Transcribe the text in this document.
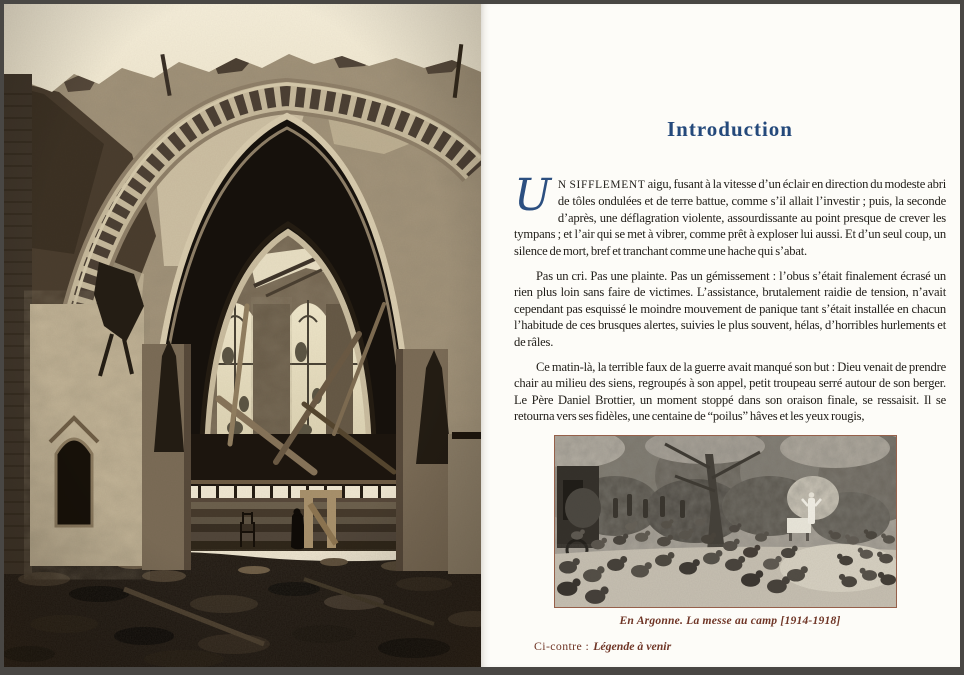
Introduction

U N SIFFLEMENT aigu, fusant à la vitesse d’un éclair en direction du modeste abri de tôles ondulées et de terre battue, comme s’il allait l’investir ; puis, la seconde d’après, une déflagration violente, assourdissante au point presque de crever les tympans ; et l’air qui se met à vibrer, comme prêt à exploser lui aussi. Et d’un seul coup, un silence de mort, bref et tranchant comme une hache qui s’abat.

Pas un cri. Pas une plainte. Pas un gémissement : l’obus s’était finalement écrasé un rien plus loin sans faire de victimes. L’assistance, brutalement raidie de tension, n’avait cependant pas esquissé le moindre mouvement de panique tant s’était installée en chacun l’habitude de ces brusques alertes, suivies le plus souvent, hélas, d’horribles hurlements et de râles.

Ce matin-là, la terrible faux de la guerre avait manqué son but : Dieu venait de prendre chair au milieu des siens, regroupés à son appel, petit troupeau serré autour de son berger. Le Père Daniel Brottier, un moment stoppé dans son oraison finale, se ressaisit. Il se retourna vers ses fidèles, une centaine de “poilus” hâves et les yeux rougis,

En Argonne. La messe au camp [1914-1918]
Ci-contre : Légende à venir
